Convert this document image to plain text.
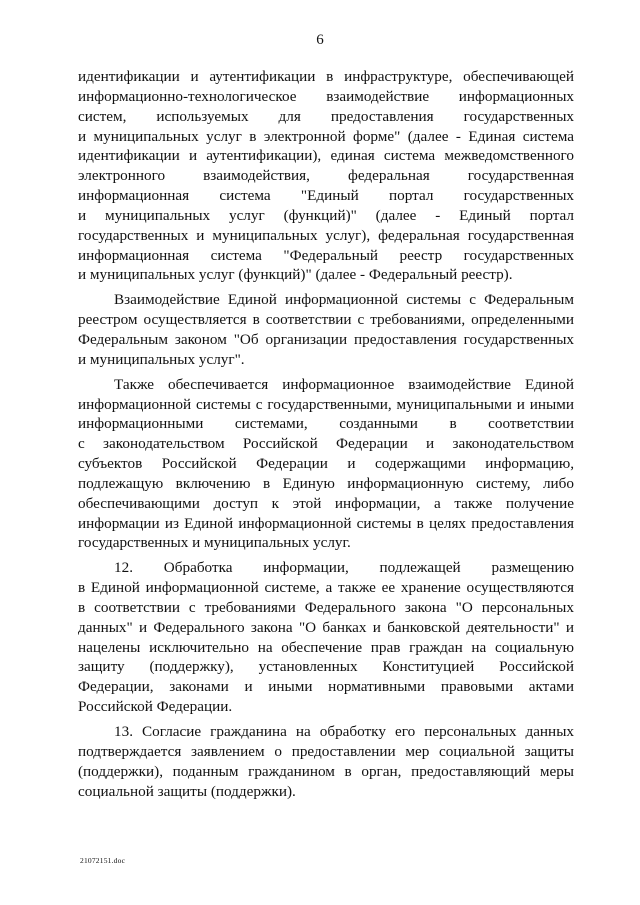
6
идентификации и аутентификации в инфраструктуре, обеспечивающей
информационно-технологическое взаимодействие информационных
систем, используемых для предоставления государственных
и муниципальных услуг в электронной форме" (далее - Единая система
идентификации и аутентификации), единая система межведомственного
электронного взаимодействия, федеральная государственная
информационная система "Единый портал государственных
и муниципальных услуг (функций)" (далее - Единый портал
государственных и муниципальных услуг), федеральная государственная
информационная система "Федеральный реестр государственных
и муниципальных услуг (функций)" (далее - Федеральный реестр).
Взаимодействие Единой информационной системы с Федеральным
реестром осуществляется в соответствии с требованиями, определенными
Федеральным законом "Об организации предоставления государственных
и муниципальных услуг".
Также обеспечивается информационное взаимодействие Единой
информационной системы с государственными, муниципальными и иными
информационными системами, созданными в соответствии
с законодательством Российской Федерации и законодательством
субъектов Российской Федерации и содержащими информацию,
подлежащую включению в Единую информационную систему, либо
обеспечивающими доступ к этой информации, а также получение
информации из Единой информационной системы в целях предоставления
государственных и муниципальных услуг.
12. Обработка информации, подлежащей размещению
в Единой информационной системе, а также ее хранение осуществляются
в соответствии с требованиями Федерального закона "О персональных
данных" и Федерального закона "О банках и банковской деятельности" и
нацелены исключительно на обеспечение прав граждан на социальную
защиту (поддержку), установленных Конституцией Российской
Федерации, законами и иными нормативными правовыми актами
Российской Федерации.
13. Согласие гражданина на обработку его персональных данных
подтверждается заявлением о предоставлении мер социальной защиты
(поддержки), поданным гражданином в орган, предоставляющий меры
социальной защиты (поддержки).
21072151.doc
